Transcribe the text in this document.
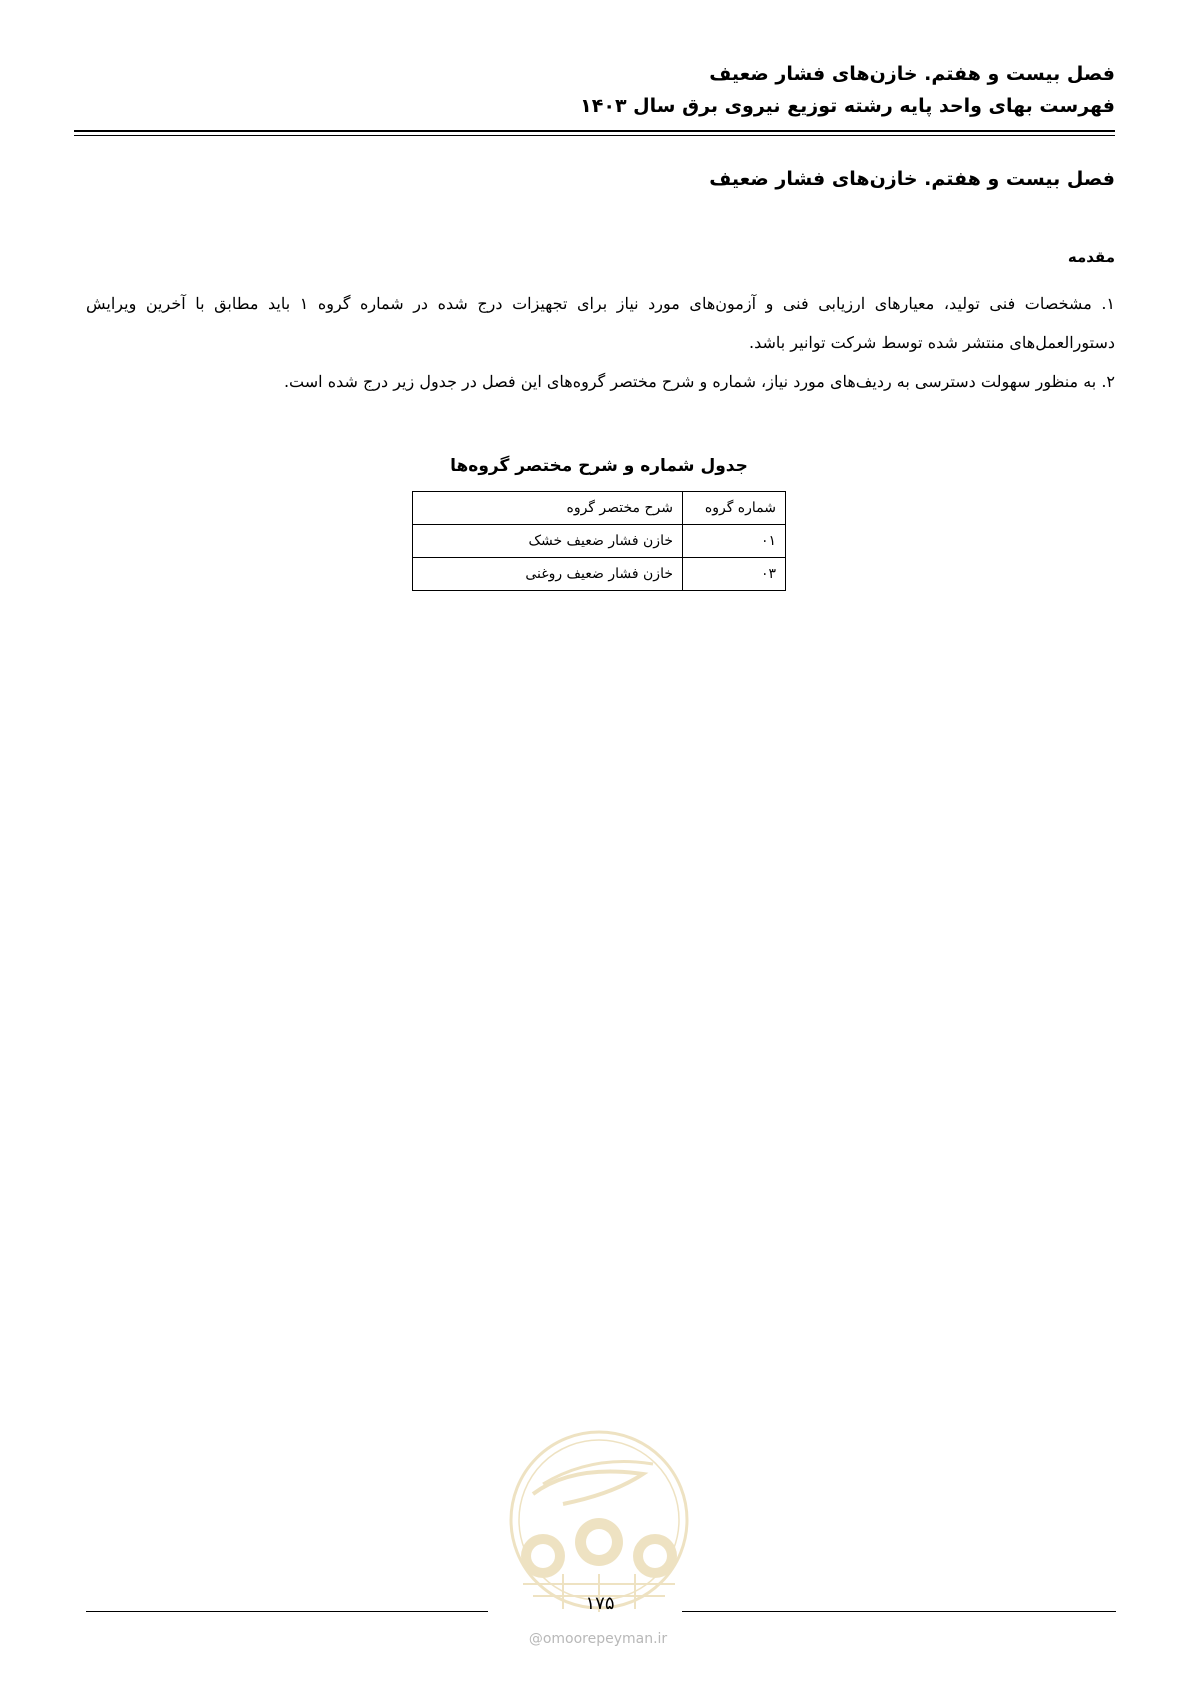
فصل بیست و هفتم. خازن‌های فشار ضعیف
فهرست بهای واحد پایه رشته توزیع نیروی برق سال ۱۴۰۳
فصل بیست و هفتم. خازن‌های فشار ضعیف
مقدمه

۱. مشخصات فنی تولید، معیارهای ارزیابی فنی و آزمون‌های مورد نیاز برای تجهیزات درج شده در شماره گروه ۱ باید مطابق با آخرین ویرایش دستورالعمل‌های منتشر شده توسط شرکت توانیر باشد.

۲. به منظور سهولت دسترسی به ردیف‌های مورد نیاز، شماره و شرح مختصر گروه‌های این فصل در جدول زیر درج شده است.

جدول شماره و شرح مختصر گروه‌ها
شماره گروه	شرح مختصر گروه
۰۱	خازن فشار ضعیف خشک
۰۳	خازن فشار ضعیف روغنی
۱۷۵
@omoorepeyman.ir
